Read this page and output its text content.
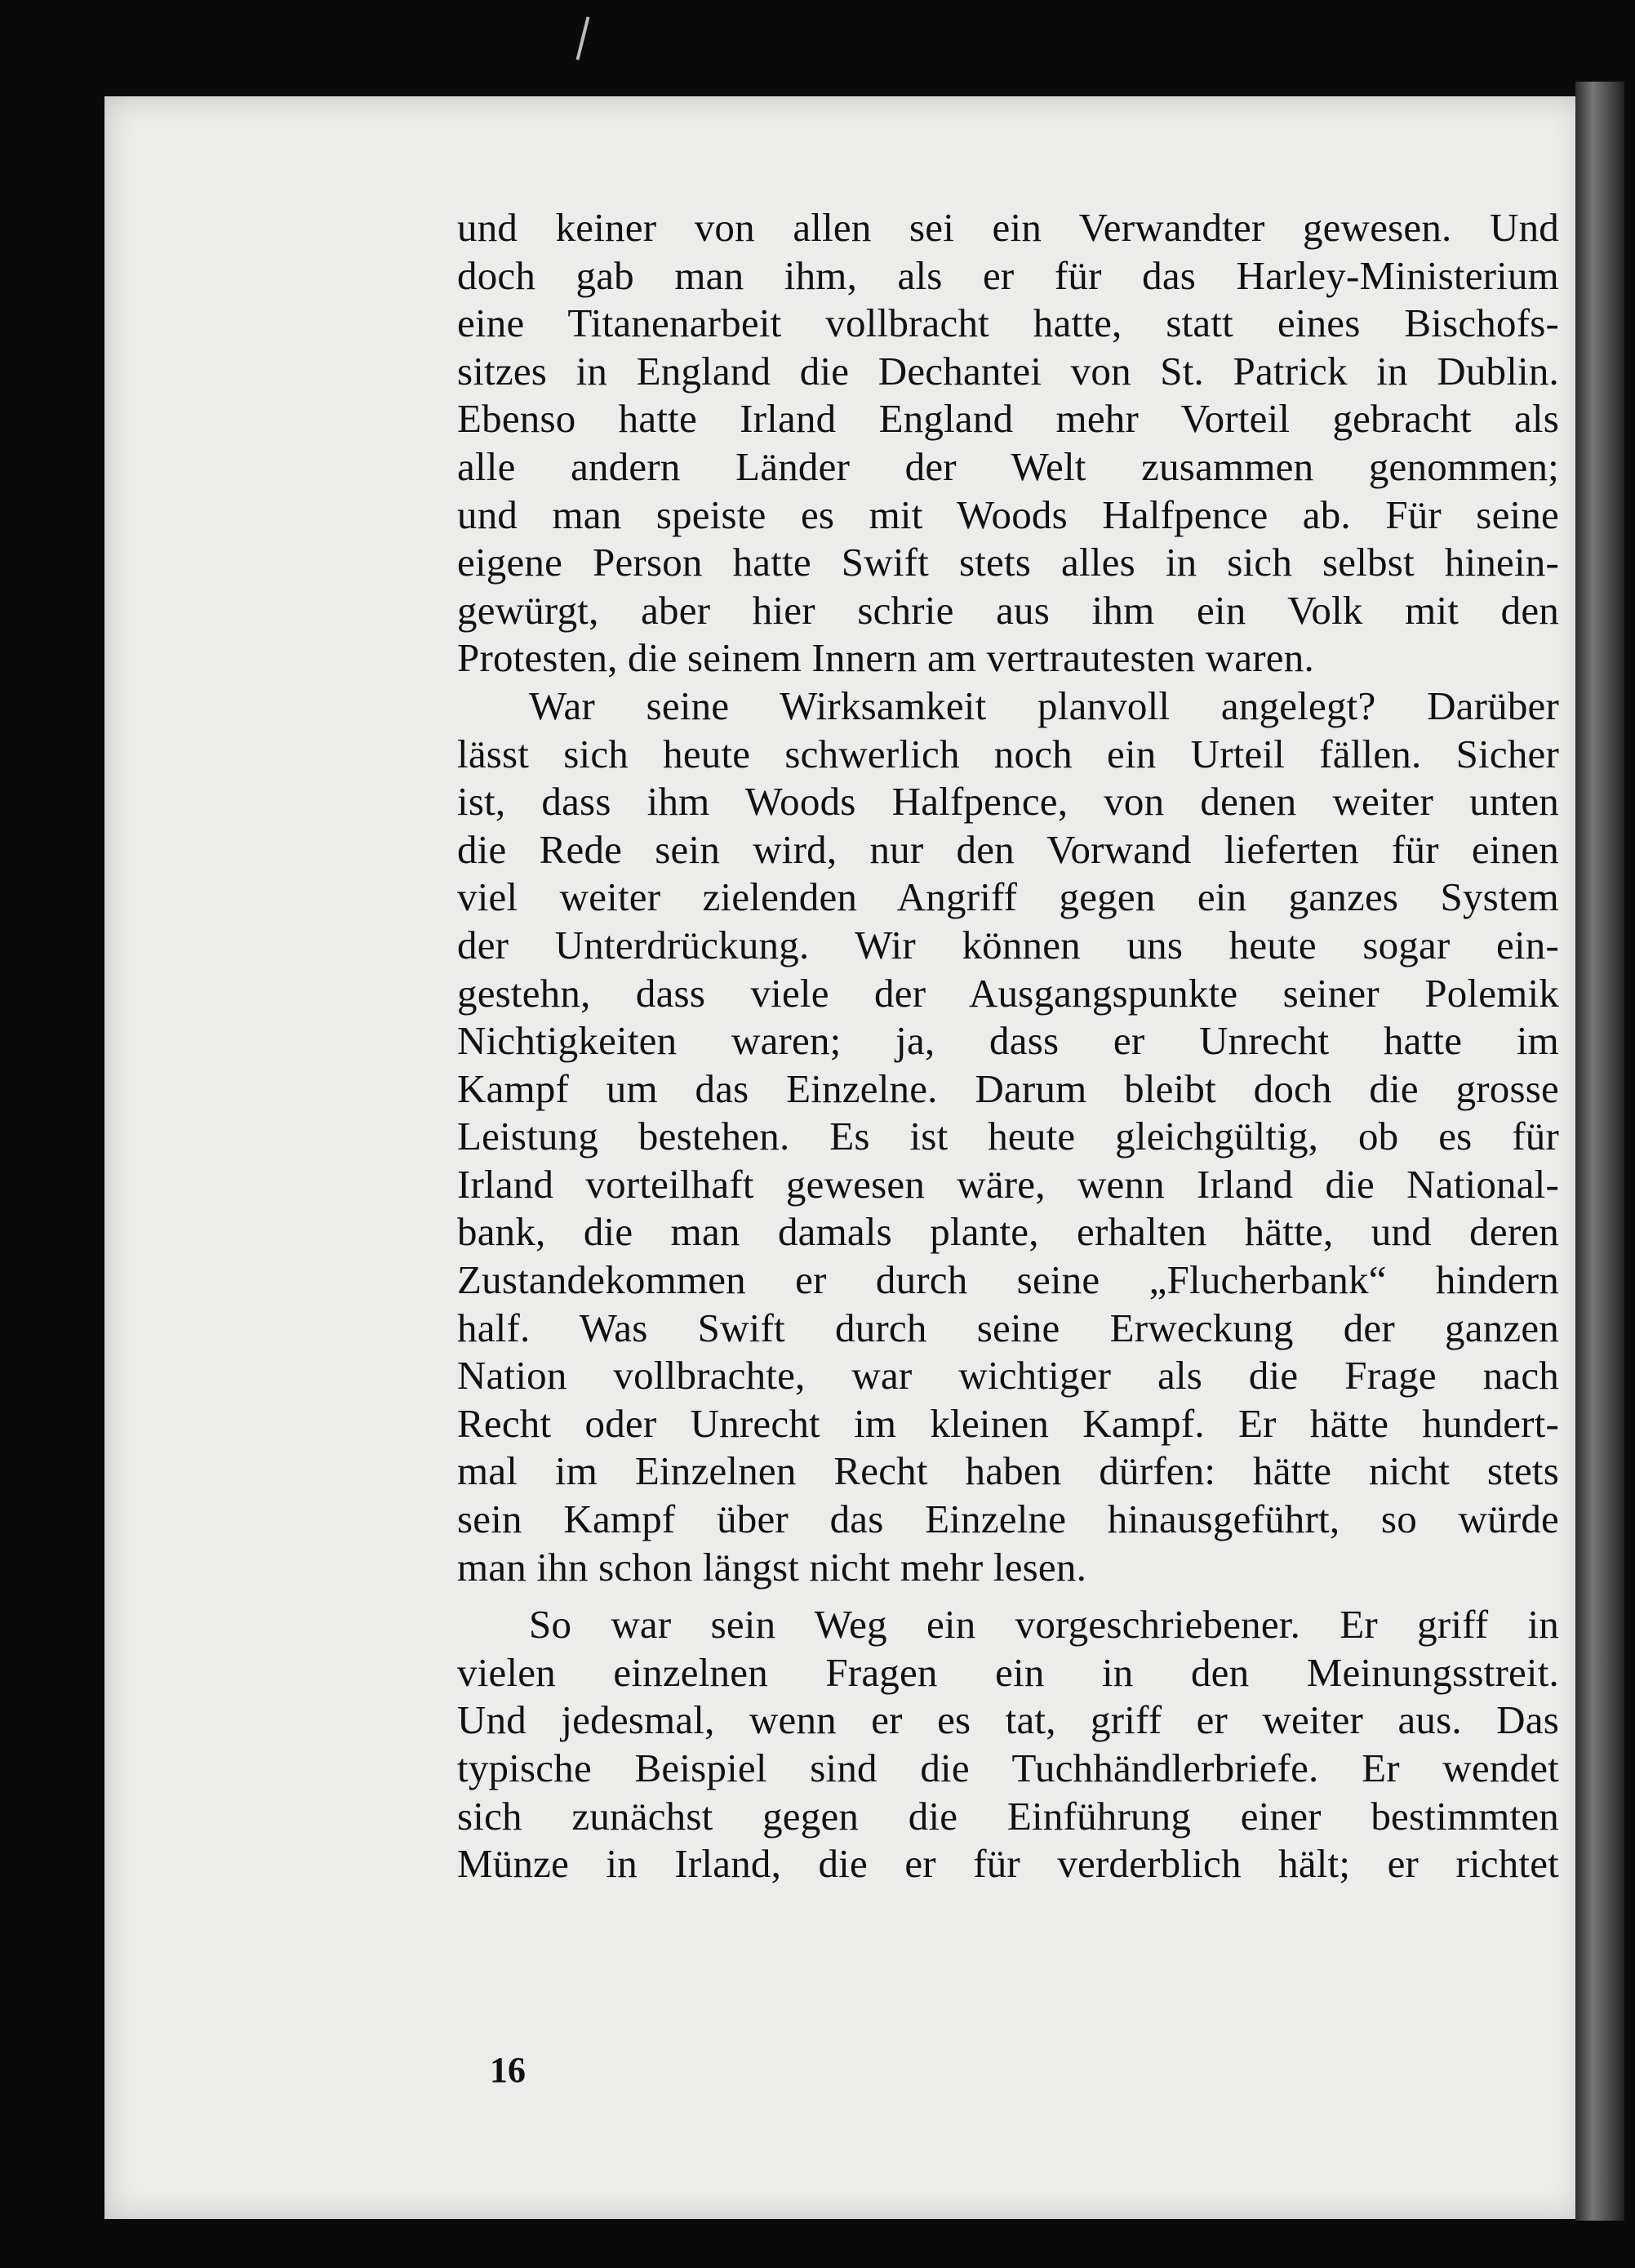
und keiner von allen sei ein Verwandter gewesen. Und
doch gab man ihm, als er für das Harley-Ministerium
eine Titanenarbeit vollbracht hatte, statt eines Bischofs-
sitzes in England die Dechantei von St. Patrick in Dublin.
Ebenso hatte Irland England mehr Vorteil gebracht als
alle andern Länder der Welt zusammen genommen;
und man speiste es mit Woods Halfpence ab. Für seine
eigene Person hatte Swift stets alles in sich selbst hinein-
gewürgt, aber hier schrie aus ihm ein Volk mit den
Protesten, die seinem Innern am vertrautesten waren.
War seine Wirksamkeit planvoll angelegt? Darüber
lässt sich heute schwerlich noch ein Urteil fällen. Sicher
ist, dass ihm Woods Halfpence, von denen weiter unten
die Rede sein wird, nur den Vorwand lieferten für einen
viel weiter zielenden Angriff gegen ein ganzes System
der Unterdrückung. Wir können uns heute sogar ein-
gestehn, dass viele der Ausgangspunkte seiner Polemik
Nichtigkeiten waren; ja, dass er Unrecht hatte im
Kampf um das Einzelne. Darum bleibt doch die grosse
Leistung bestehen. Es ist heute gleichgültig, ob es für
Irland vorteilhaft gewesen wäre, wenn Irland die National-
bank, die man damals plante, erhalten hätte, und deren
Zustandekommen er durch seine „Flucherbank“ hindern
half. Was Swift durch seine Erweckung der ganzen
Nation vollbrachte, war wichtiger als die Frage nach
Recht oder Unrecht im kleinen Kampf. Er hätte hundert-
mal im Einzelnen Recht haben dürfen: hätte nicht stets
sein Kampf über das Einzelne hinausgeführt, so würde
man ihn schon längst nicht mehr lesen.
So war sein Weg ein vorgeschriebener. Er griff in
vielen einzelnen Fragen ein in den Meinungsstreit.
Und jedesmal, wenn er es tat, griff er weiter aus. Das
typische Beispiel sind die Tuchhändlerbriefe. Er wendet
sich zunächst gegen die Einführung einer bestimmten
Münze in Irland, die er für verderblich hält; er richtet
16
